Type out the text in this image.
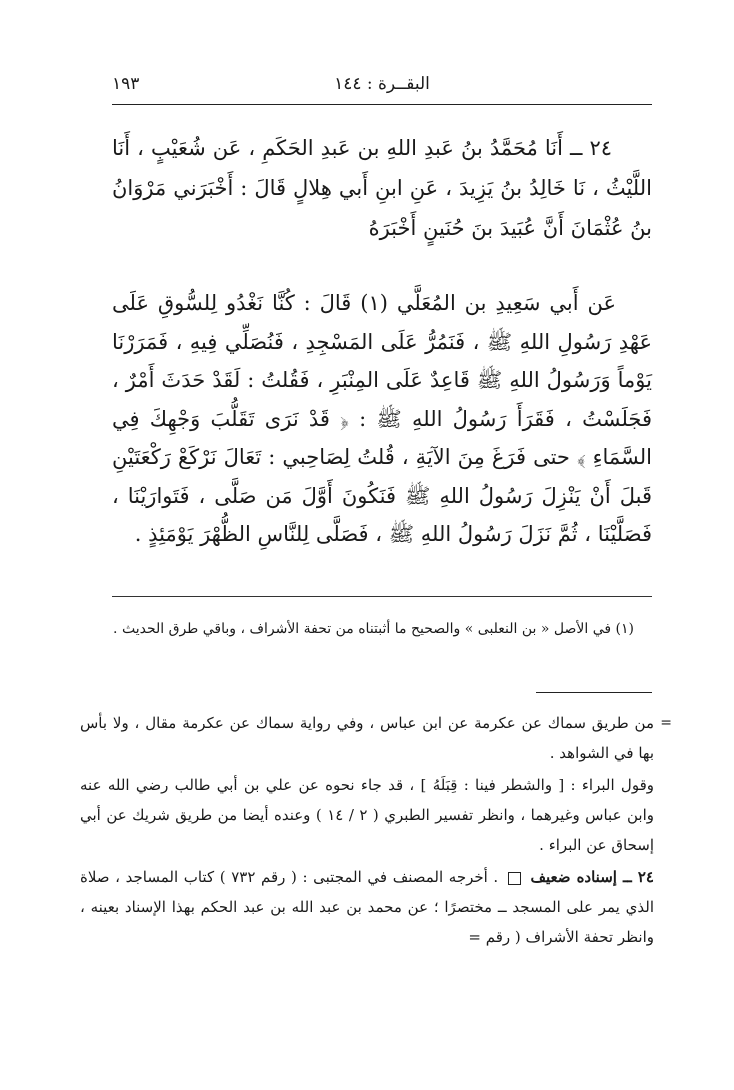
البقــرة : ١٤٤
١٩٣

٢٤ ــ أَنَا مُحَمَّدُ بنُ عَبدِ اللهِ بن عَبدِ الحَكَمِ ، عَن شُعَيْبٍ ، أَنَا اللَّيْثُ ، نَا خَالِدُ بنُ يَزِيدَ ، عَنِ ابنِ أَبي هِلالٍ قَالَ : أَخْبَرَني مَرْوَانُ بنُ عُثْمَانَ أَنَّ عُبَيدَ بنَ حُنَينٍ أَخْبَرَهُ

عَن أَبي سَعِيدِ بن المُعَلَّي (١) قَالَ : كُنَّا نَغْدُو لِلسُّوقِ عَلَى عَهْدِ رَسُولِ اللهِ ﷺ ، فَنَمُرُّ عَلَى المَسْجِدِ ، فَنُصَلِّي فِيهِ ، فَمَرَرْنَا يَوْماً وَرَسُولُ اللهِ ﷺ قَاعِدٌ عَلَى المِنْبَرِ ، فَقُلتُ : لَقَدْ حَدَثَ أَمْرٌ ، فَجَلَسْتُ ، فَقَرَأَ رَسُولُ اللهِ ﷺ : ﴿ قَدْ نَرَى تَقَلُّبَ وَجْهِكَ فِي السَّمَاءِ ﴾ حتى فَرَغَ مِنَ الآيَةِ ، قُلتُ لِصَاحِبي : تَعَالَ نَرْكَعْ رَكْعَتَيْنِ قَبلَ أَنْ يَنْزِلَ رَسُولُ اللهِ ﷺ فَنَكُونَ أَوَّلَ مَن صَلَّى ، فَتَوارَيْنَا ، فَصَلَّيْنَا ، ثُمَّ نَزَلَ رَسُولُ اللهِ ﷺ ، فَصَلَّى لِلنَّاسِ الظُّهْرَ يَوْمَئِذٍ .

(١) في الأصل « بن النعلبى » والصحيح ما أثبتناه من تحفة الأشراف ، وباقي طرق الحديث .

=

من طريق سماك عن عكرمة عن ابن عباس ، وفي رواية سماك عن عكرمة مقال ، ولا بأس بها في الشواهد .

وقول البراء : [ والشطر فينا : قِبَلَهُ ] ، قد جاء نحوه عن علي بن أبي طالب رضي الله عنه وابن عباس وغيرهما ، وانظر تفسير الطبري ( ٢ / ١٤ ) وعنده أيضا من طريق شريك عن أبي إسحاق عن البراء .

٢٤ ــ إسناده ضعيف  . أخرجه المصنف في المجتبى : ( رقم ٧٣٢ ) كتاب المساجد ، صلاة الذي يمر على المسجد ــ مختصرًا ؛ عن محمد بن عبد الله بن عبد الحكم بهذا الإسناد بعينه ، وانظر تحفة الأشراف ( رقم =
